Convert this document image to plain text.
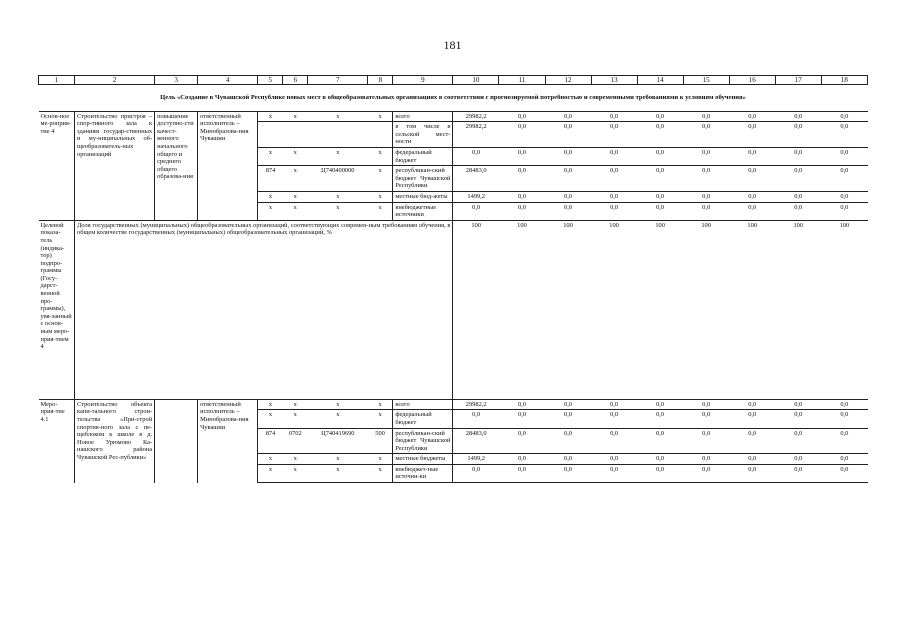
181
1	2	3	4	5	6	7	8	9	10	11	12	13	14	15	16	17	18
Цель «Создание в Чувашской Республике новых мест в общеобразовательных организациях в соответствии с прогнозируемой потребностью и современными требованиями к условиям обучения»																	
Основ-ное ме-роприя-тие 4	Строительство пристроя – спор-тивного зала к зданиям государ-ственных и му-ниципальных об-щеобразователь-ных организаций	повышение доступно-сти качест-венного начального общего и среднего общего образова-ния	ответственный исполнитель – Минобразова-ния Чувашии	х	х	х	х	всего	29982,2	0,0	0,0	0,0	0,0	0,0	0,0	0,0	0,0
								в том числе в сельской мест-ности	29982,2	0,0	0,0	0,0	0,0	0,0	0,0	0,0	0,0
				х	х	х	х	федеральный бюджет	0,0	0,0	0,0	0,0	0,0	0,0	0,0	0,0	0,0
				874	х	Ц740400000	х	республикан-ский бюджет Чувашской Республики	28483,0	0,0	0,0	0,0	0,0	0,0	0,0	0,0	0,0
				х	х	х	х	местные бюд-жеты	1499,2	0,0	0,0	0,0	0,0	0,0	0,0	0,0	0,0
				х	х	х	х	внебюджетные источники	0,0	0,0	0,0	0,0	0,0	0,0	0,0	0,0	0,0
Целевой показа-тель (индика-тор) подпро-граммы (Госу-дарст-венной про-граммы), увя-занный с основ-ным меро-прия-тием 4	Доля государственных (муниципальных) общеобразовательных организаций, соответствующих современ-ным требованиям обучения, в общем количестве государственных (муниципальных) общеобразовательных организаций, %								100	100	100	100	100	100	100	100	100
Меро-прия-тие 4.1	Строительство объекта капи-тального строи-тельства «При-строй спортив-ного зала с пе-щеблоком к школе в д. Новое Урюмово Ка-нашского района Чувашской Рес-публики»		ответственный исполнитель – Минобразова-ния Чувашии	х	х	х	х	всего	29982,2	0,0	0,0	0,0	0,0	0,0	0,0	0,0	0,0
				х	х	х	х	федеральный бюджет	0,0	0,0	0,0	0,0	0,0	0,0	0,0	0,0	0,0
				874	0702	Ц740419690	500	республикан-ский бюджет Чувашской Республики	28483,0	0,0	0,0	0,0	0,0	0,0	0,0	0,0	0,0
				х	х	х	х	местные бюджеты	1499,2	0,0	0,0	0,0	0,0	0,0	0,0	0,0	0,0
				х	х	х	х	внебюджет-ные источни-ки	0,0	0,0	0,0	0,0	0,0	0,0	0,0	0,0	0,0
